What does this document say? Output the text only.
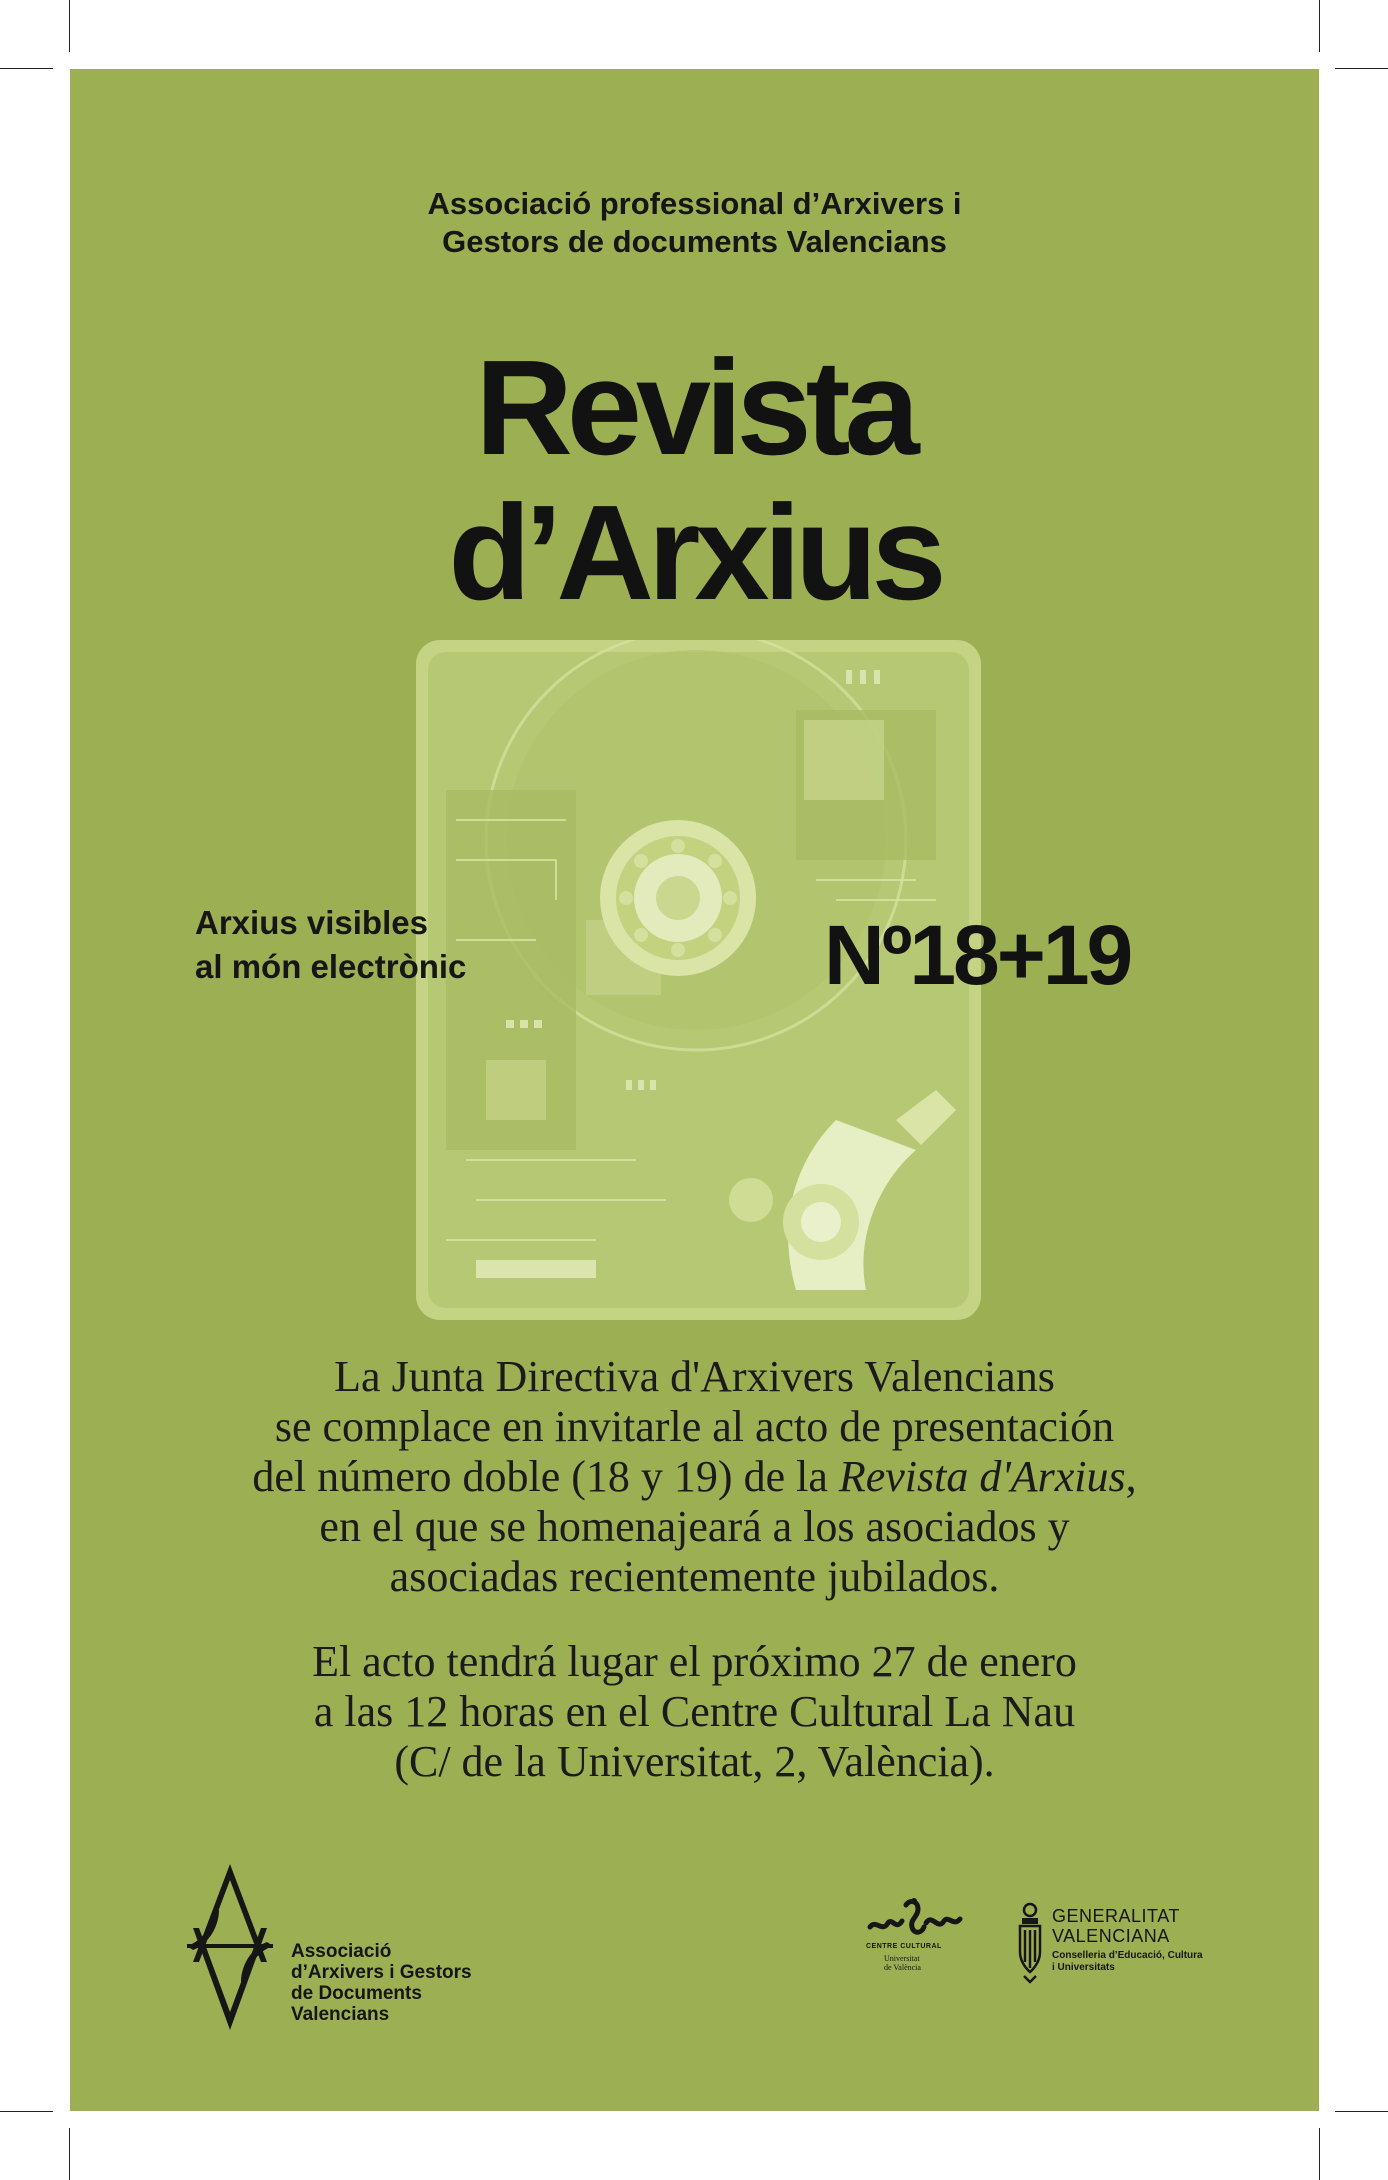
Associació professional d’Arxivers i
Gestors de documents Valencians
Revista
d’Arxius
Arxius visibles
al món electrònic	Nº18+19
La Junta Directiva d'Arxivers Valencians
se complace en invitarle al acto de presentación
del número doble (18 y 19) de la Revista d'Arxius,
en el que se homenajeará a los asociados y
asociadas recientemente jubilados.
El acto tendrá lugar el próximo 27 de enero
a las 12 horas en el Centre Cultural La Nau
(C/ de la Universitat, 2, València).
Associació
d’Arxivers i Gestors
de Documents
Valencians
CENTRE CULTURAL
Universitat
de València
GENERALITAT
VALENCIANA
Conselleria d’Educació, Cultura
i Universitats
